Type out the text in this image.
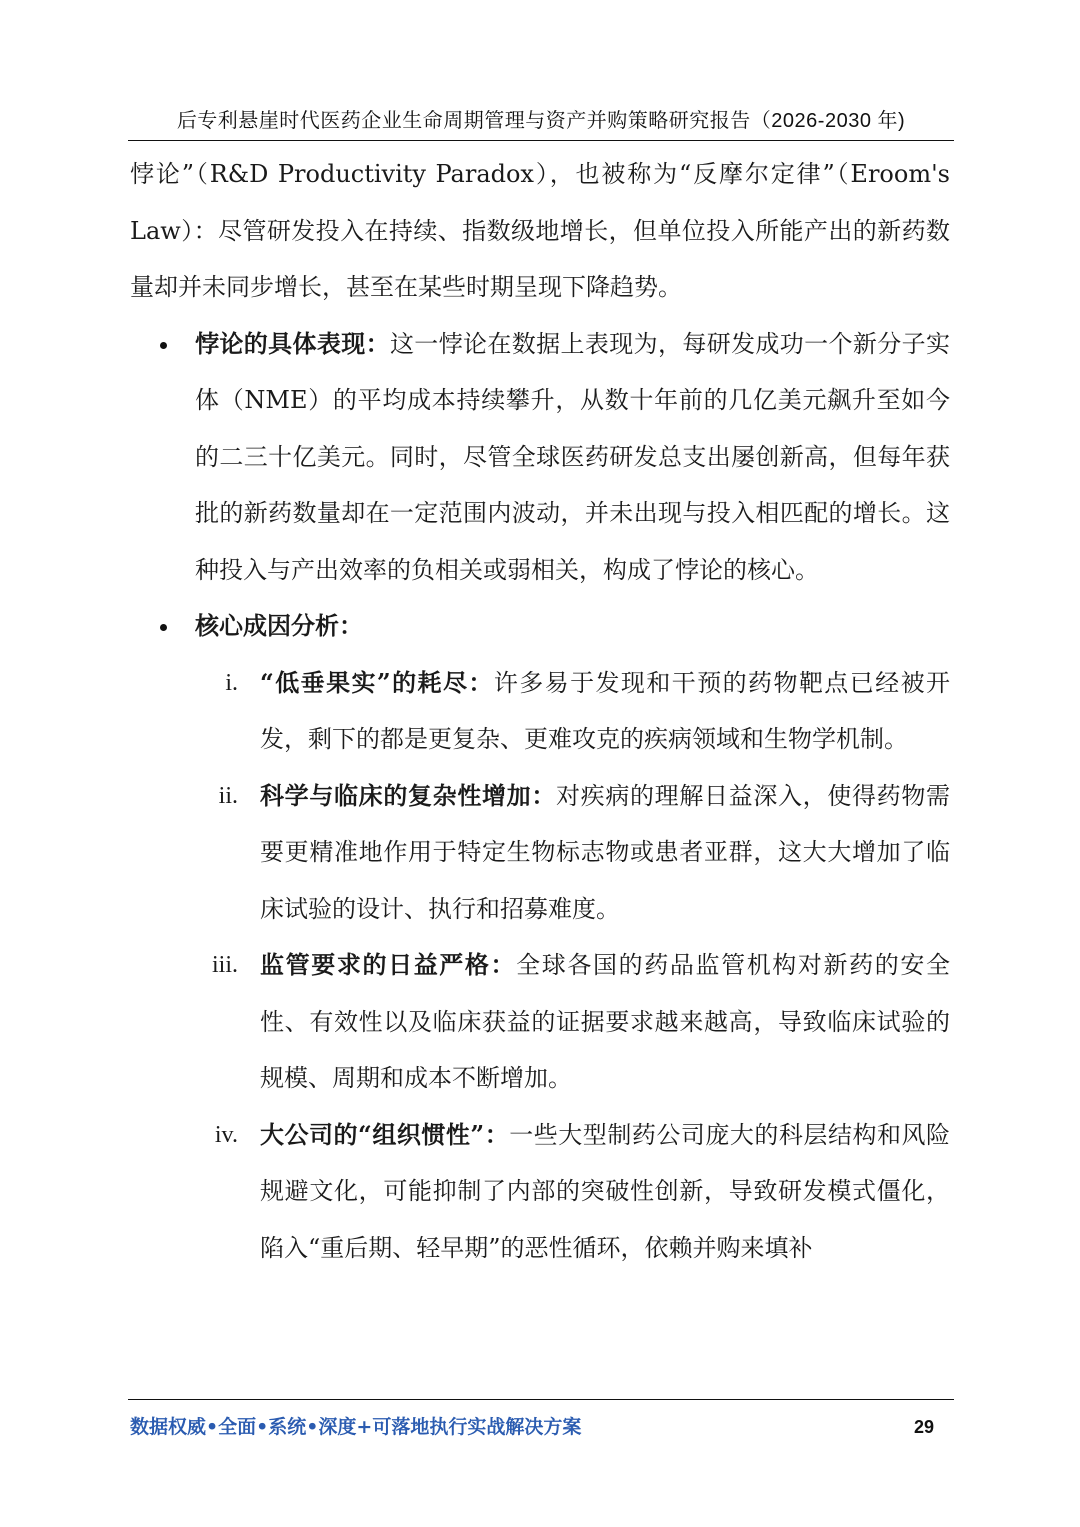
后专利悬崖时代医药企业生命周期管理与资产并购策略研究报告（2026-2030 年)

悖论”（R&D Productivity Paradox），也被称为“反摩尔定律”（Eroom's Law）：尽管研发投入在持续、指数级地增长，但单位投入所能产出的新药数量却并未同步增长，甚至在某些时期呈现下降趋势。

悖论的具体表现：这一悖论在数据上表现为，每研发成功一个新分子实体（NME）的平均成本持续攀升，从数十年前的几亿美元飙升至如今的二三十亿美元。同时，尽管全球医药研发总支出屡创新高，但每年获批的新药数量却在一定范围内波动，并未出现与投入相匹配的增长。这种投入与产出效率的负相关或弱相关，构成了悖论的核心。
核心成因分析：
i. “低垂果实”的耗尽：许多易于发现和干预的药物靶点已经被开发，剩下的都是更复杂、更难攻克的疾病领域和生物学机制。
ii. 科学与临床的复杂性增加：对疾病的理解日益深入，使得药物需要更精准地作用于特定生物标志物或患者亚群，这大大增加了临床试验的设计、执行和招募难度。
iii. 监管要求的日益严格：全球各国的药品监管机构对新药的安全性、有效性以及临床获益的证据要求越来越高，导致临床试验的规模、周期和成本不断增加。
iv. 大公司的“组织惯性”：一些大型制药公司庞大的科层结构和风险规避文化，可能抑制了内部的突破性创新，导致研发模式僵化，陷入“重后期、轻早期”的恶性循环，依赖并购来填补
数据权威•全面•系统•深度+可落地执行实战解决方案	29
